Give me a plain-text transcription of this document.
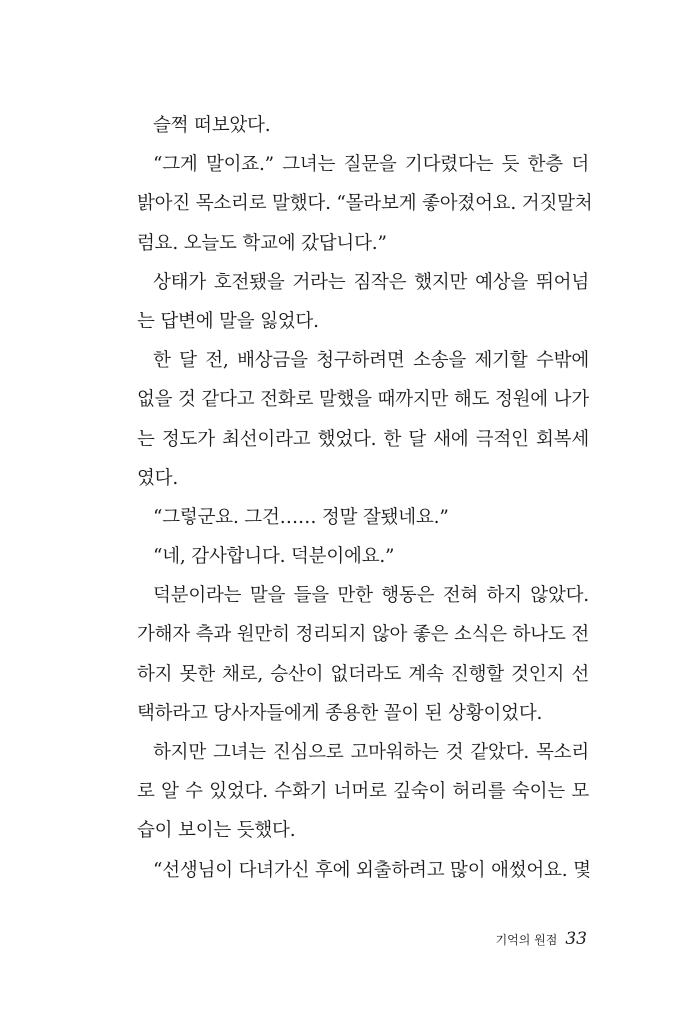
슬쩍 떠보았다.
“그게 말이죠.” 그녀는 질문을 기다렸다는 듯 한층 더
밝아진 목소리로 말했다. “몰라보게 좋아졌어요. 거짓말처
럼요. 오늘도 학교에 갔답니다.”
상태가 호전됐을 거라는 짐작은 했지만 예상을 뛰어넘
는 답변에 말을 잃었다.
한 달 전, 배상금을 청구하려면 소송을 제기할 수밖에
없을 것 같다고 전화로 말했을 때까지만 해도 정원에 나가
는 정도가 최선이라고 했었다. 한 달 새에 극적인 회복세
였다.
“그렇군요. 그건…… 정말 잘됐네요.”
“네, 감사합니다. 덕분이에요.”
덕분이라는 말을 들을 만한 행동은 전혀 하지 않았다.
가해자 측과 원만히 정리되지 않아 좋은 소식은 하나도 전
하지 못한 채로, 승산이 없더라도 계속 진행할 것인지 선
택하라고 당사자들에게 종용한 꼴이 된 상황이었다.
하지만 그녀는 진심으로 고마워하는 것 같았다. 목소리
로 알 수 있었다. 수화기 너머로 깊숙이 허리를 숙이는 모
습이 보이는 듯했다.
“선생님이 다녀가신 후에 외출하려고 많이 애썼어요. 몇
기억의 원점 33
